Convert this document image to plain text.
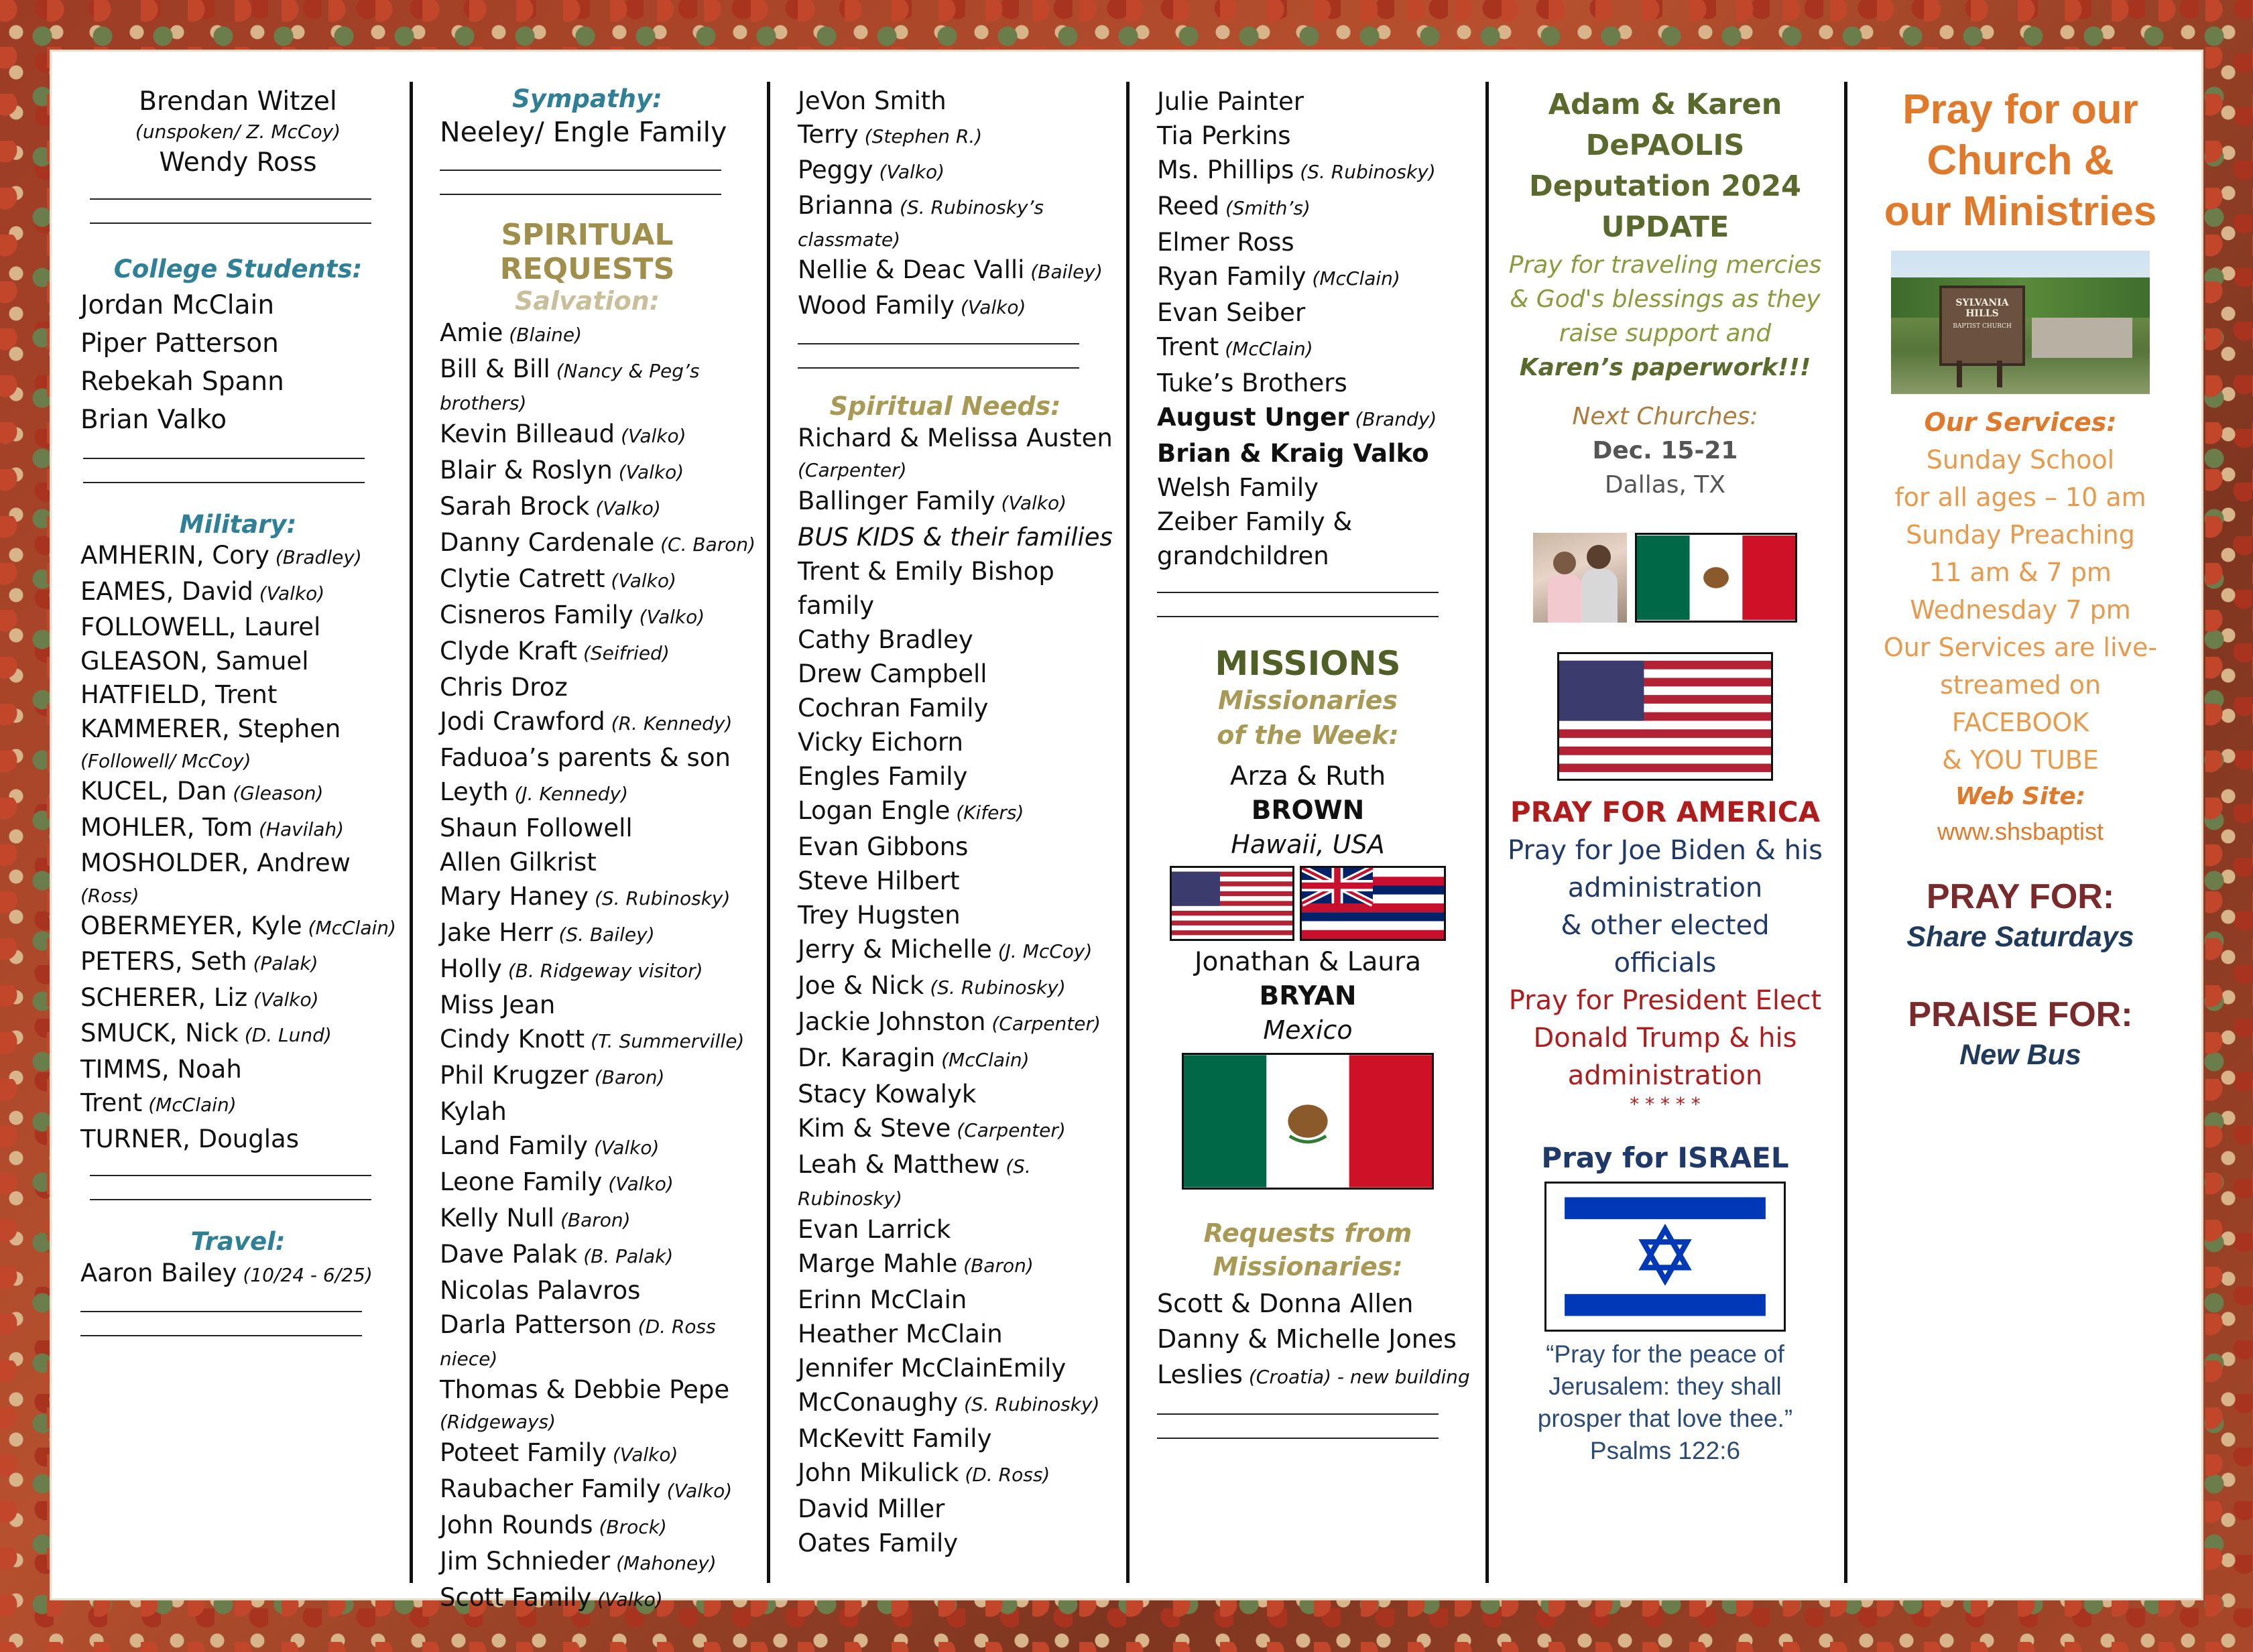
Brendan Witzel
(unspoken/ Z. McCoy)
Wendy Ross
College Students:
Jordan McClain
Piper Patterson
Rebekah Spann
Brian Valko
Military:
AMHERIN, Cory (Bradley)
EAMES, David (Valko)
FOLLOWELL, Laurel
GLEASON, Samuel
HATFIELD, Trent
KAMMERER, Stephen
(Followell/ McCoy)
KUCEL, Dan (Gleason)
MOHLER, Tom (Havilah)
MOSHOLDER, Andrew
(Ross)
OBERMEYER, Kyle (McClain)
PETERS, Seth (Palak)
SCHERER, Liz (Valko)
SMUCK, Nick (D. Lund)
TIMMS, Noah
Trent (McClain)
TURNER, Douglas
Travel:
Aaron Bailey (10/24 - 6/25)
Sympathy:
Neeley/ Engle Family
SPIRITUAL REQUESTS
Salvation:
Amie (Blaine)
Bill & Bill (Nancy & Peg’s
brothers)
Kevin Billeaud (Valko)
Blair & Roslyn (Valko)
Sarah Brock (Valko)
Danny Cardenale (C. Baron)
Clytie Catrett (Valko)
Cisneros Family (Valko)
Clyde Kraft (Seifried)
Chris Droz
Jodi Crawford (R. Kennedy)
Faduoa’s parents & son
Leyth (J. Kennedy)
Shaun Followell
Allen Gilkrist
Mary Haney (S. Rubinosky)
Jake Herr (S. Bailey)
Holly (B. Ridgeway visitor)
Miss Jean
Cindy Knott (T. Summerville)
Phil Krugzer (Baron)
Kylah
Land Family (Valko)
Leone Family (Valko)
Kelly Null (Baron)
Dave Palak (B. Palak)
Nicolas Palavros
Darla Patterson (D. Ross
niece)
Thomas & Debbie Pepe
(Ridgeways)
Poteet Family (Valko)
Raubacher Family (Valko)
John Rounds (Brock)
Jim Schnieder (Mahoney)
Scott Family (Valko)
JeVon Smith
Terry (Stephen R.)
Peggy (Valko)
Brianna (S. Rubinosky’s
classmate)
Nellie & Deac Valli (Bailey)
Wood Family (Valko)
Spiritual Needs:
Richard & Melissa Austen
(Carpenter)
Ballinger Family (Valko)
BUS KIDS & their families
Trent & Emily Bishop
family
Cathy Bradley
Drew Campbell
Cochran Family
Vicky Eichorn
Engles Family
Logan Engle (Kifers)
Evan Gibbons
Steve Hilbert
Trey Hugsten
Jerry & Michelle (J. McCoy)
Joe & Nick (S. Rubinosky)
Jackie Johnston (Carpenter)
Dr. Karagin (McClain)
Stacy Kowalyk
Kim & Steve (Carpenter)
Leah & Matthew (S.
Rubinosky)
Evan Larrick
Marge Mahle (Baron)
Erinn McClain
Heather McClain
Jennifer McClainEmily
McConaughy (S. Rubinosky)
McKevitt Family
John Mikulick (D. Ross)
David Miller
Oates Family
Julie Painter
Tia Perkins
Ms. Phillips (S. Rubinosky)
Reed (Smith’s)
Elmer Ross
Ryan Family (McClain)
Evan Seiber
Trent (McClain)
Tuke’s Brothers
August Unger (Brandy)
Brian & Kraig Valko
Welsh Family
Zeiber Family &
grandchildren
MISSIONS
Missionaries
of the Week:
Arza & Ruth
BROWN
Hawaii, USA
Jonathan & Laura
BRYAN
Mexico
Requests from
Missionaries:
Scott & Donna Allen
Danny & Michelle Jones
Leslies (Croatia) - new building
Adam & Karen
DePAOLIS
Deputation 2024
UPDATE
Pray for traveling mercies
& God's blessings as they
raise support and
Karen’s paperwork!!!
Next Churches:
Dec. 15-21
Dallas, TX
PRAY FOR AMERICA
Pray for Joe Biden & his
administration
& other elected
officials
Pray for President Elect
Donald Trump & his
administration
* * * * *
Pray for ISRAEL
“Pray for the peace of
Jerusalem: they shall
prosper that love thee.”
Psalms 122:6
Pray for our
Church &
our Ministries
SYLVANIA
HILLS
BAPTIST CHURCH
Our Services:
Sunday School
for all ages – 10 am
Sunday Preaching
11 am & 7 pm
Wednesday 7 pm
Our Services are live-
streamed on
FACEBOOK
& YOU TUBE
Web Site:
www.shsbaptist
PRAY FOR:
Share Saturdays
PRAISE FOR:
New Bus
